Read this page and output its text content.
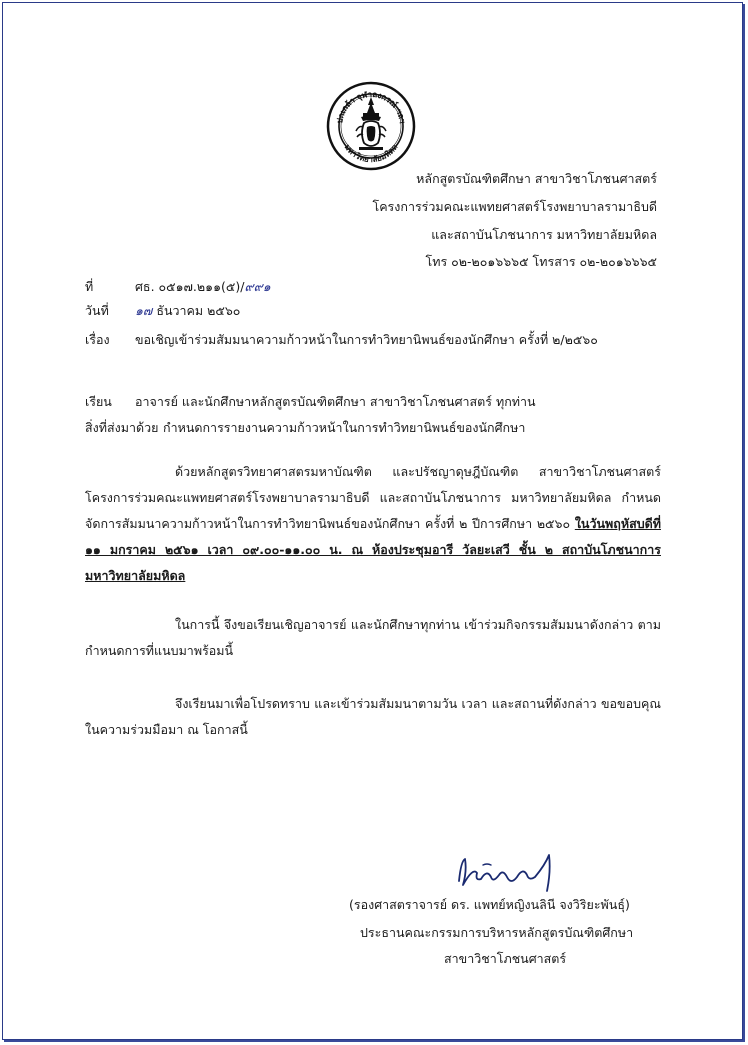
ปกเกล้า จุฬาลงกรณ์ ฯลฯ
มหาวิทยาลัยมหิดล
หลักสูตรบัณฑิตศึกษา สาขาวิชาโภชนศาสตร์
โครงการร่วมคณะแพทยศาสตร์โรงพยาบาลรามาธิบดี
และสถาบันโภชนาการ มหาวิทยาลัยมหิดล
โทร ๐๒-๒๐๑๖๖๖๕ โทรสาร ๐๒-๒๐๑๖๖๖๕
ที่	ศธ. ๐๕๑๗.๒๑๑(๕)/๙๙๑
วันที่ ๑๗ ธันวาคม ๒๕๖๐
เรื่อง ขอเชิญเข้าร่วมสัมมนาความก้าวหน้าในการทำวิทยานิพนธ์ของนักศึกษา ครั้งที่ ๒/๒๕๖๐
เรียน อาจารย์ และนักศึกษาหลักสูตรบัณฑิตศึกษา สาขาวิชาโภชนศาสตร์ ทุกท่าน
สิ่งที่ส่งมาด้วย กำหนดการรายงานความก้าวหน้าในการทำวิทยานิพนธ์ของนักศึกษา
ด้วยหลักสูตรวิทยาศาสตรมหาบัณฑิต และปรัชญาดุษฎีบัณฑิต สาขาวิชาโภชนศาสตร์ โครงการร่วมคณะแพทยศาสตร์โรงพยาบาลรามาธิบดี และสถาบันโภชนาการ มหาวิทยาลัยมหิดล กำหนดจัดการสัมมนาความก้าวหน้าในการทำวิทยานิพนธ์ของนักศึกษา ครั้งที่ ๒ ปีการศึกษา ๒๕๖๐ ในวันพฤหัสบดีที่ ๑๑ มกราคม ๒๕๖๑ เวลา ๐๙.๐๐-๑๑.๐๐ น. ณ ห้องประชุมอารี วัลยะเสวี ชั้น ๒ สถาบันโภชนาการ มหาวิทยาลัยมหิดล
ในการนี้ จึงขอเรียนเชิญอาจารย์ และนักศึกษาทุกท่าน เข้าร่วมกิจกรรมสัมมนาดังกล่าว ตามกำหนดการที่แนบมาพร้อมนี้
จึงเรียนมาเพื่อโปรดทราบ และเข้าร่วมสัมมนาตามวัน เวลา และสถานที่ดังกล่าว ขอขอบคุณในความร่วมมือมา ณ โอกาสนี้
(รองศาสตราจารย์ ดร. แพทย์หญิงนลินี จงวิริยะพันธุ์)
ประธานคณะกรรมการบริหารหลักสูตรบัณฑิตศึกษา
สาขาวิชาโภชนศาสตร์
